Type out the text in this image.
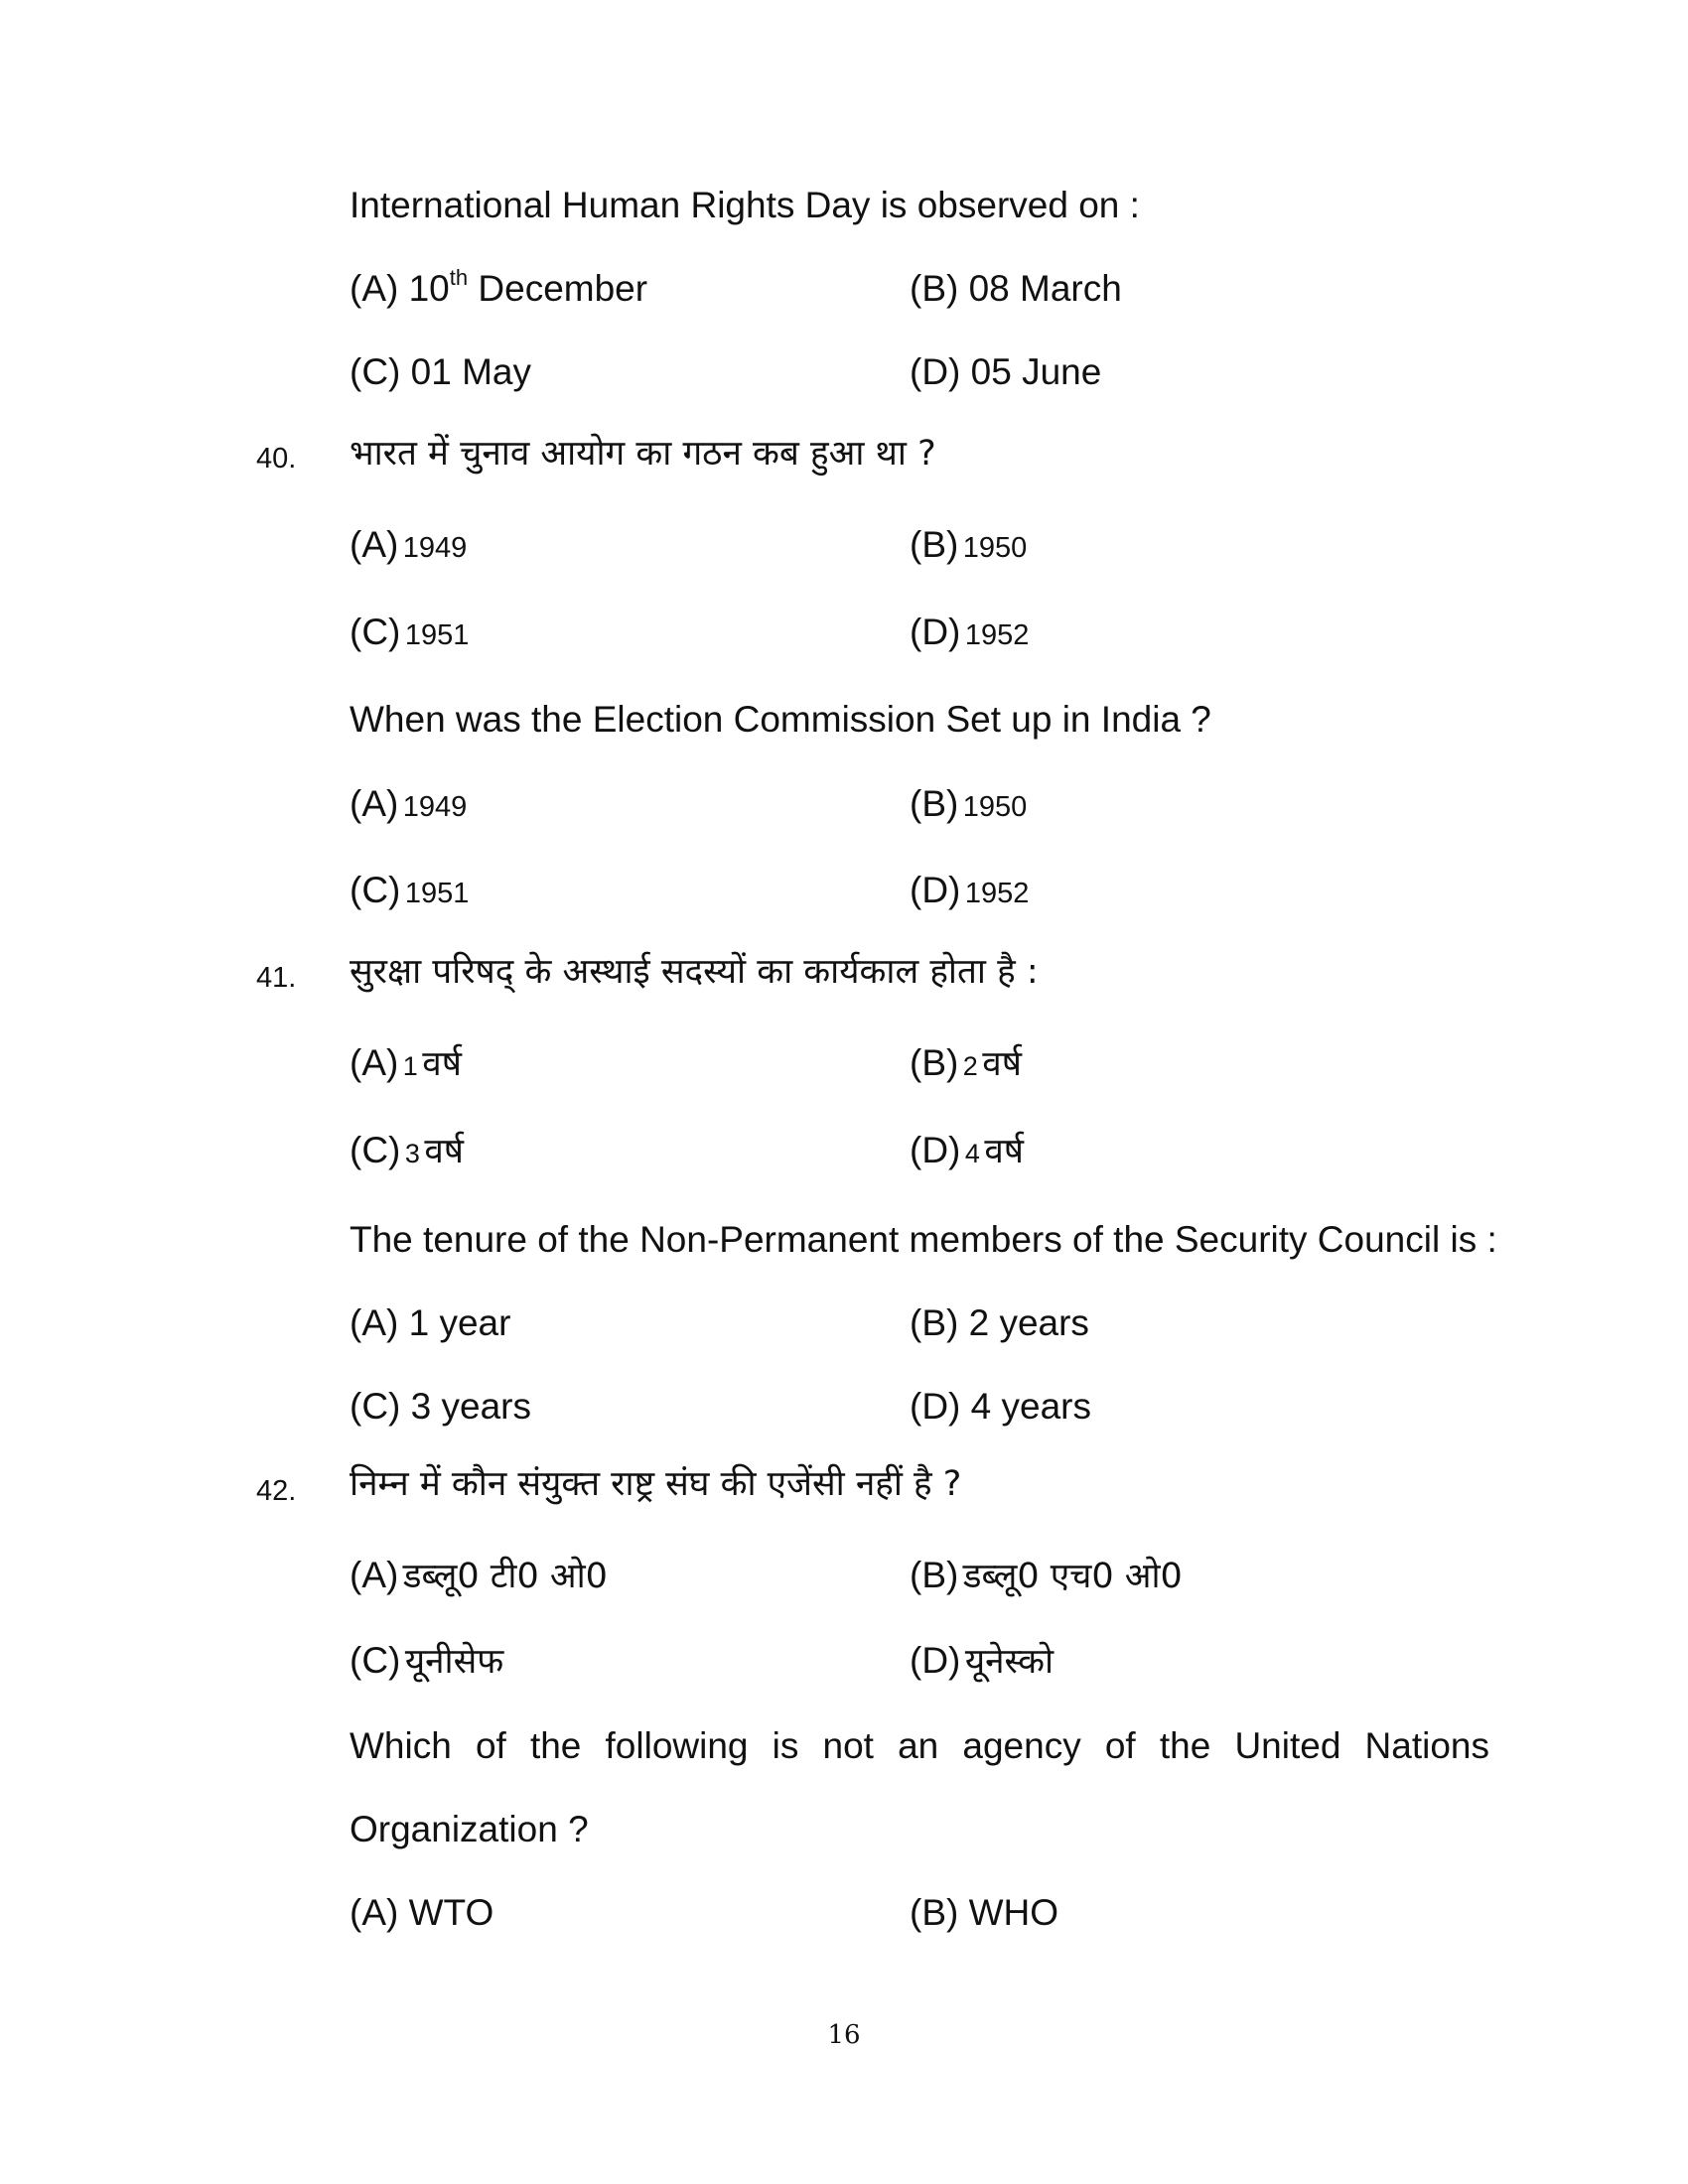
International Human Rights Day is observed on :
(A) 10th December	(B) 08 March
(C) 01 May	(D) 05 June
40. भारत में चुनाव आयोग का गठन कब हुआ था ?
(A) 1949	(B) 1950
(C) 1951	(D) 1952
When was the Election Commission Set up in India ?
(A) 1949	(B) 1950
(C) 1951	(D) 1952
41. सुरक्षा परिषद् के अस्थाई सदस्यों का कार्यकाल होता है :
(A) 1 वर्ष	(B) 2 वर्ष
(C) 3 वर्ष	(D) 4 वर्ष
The tenure of the Non-Permanent members of the Security Council is :
(A) 1 year	(B) 2 years
(C) 3 years	(D) 4 years
42. निम्न में कौन संयुक्त राष्ट्र संघ की एजेंसी नहीं है ?
(A) डब्लू0 टी0 ओ0	(B) डब्लू0 एच0 ओ0
(C) यूनीसेफ	(D) यूनेस्को
Which of the following is not an agency of the United Nations
Organization ?
(A) WTO	(B) WHO
16
